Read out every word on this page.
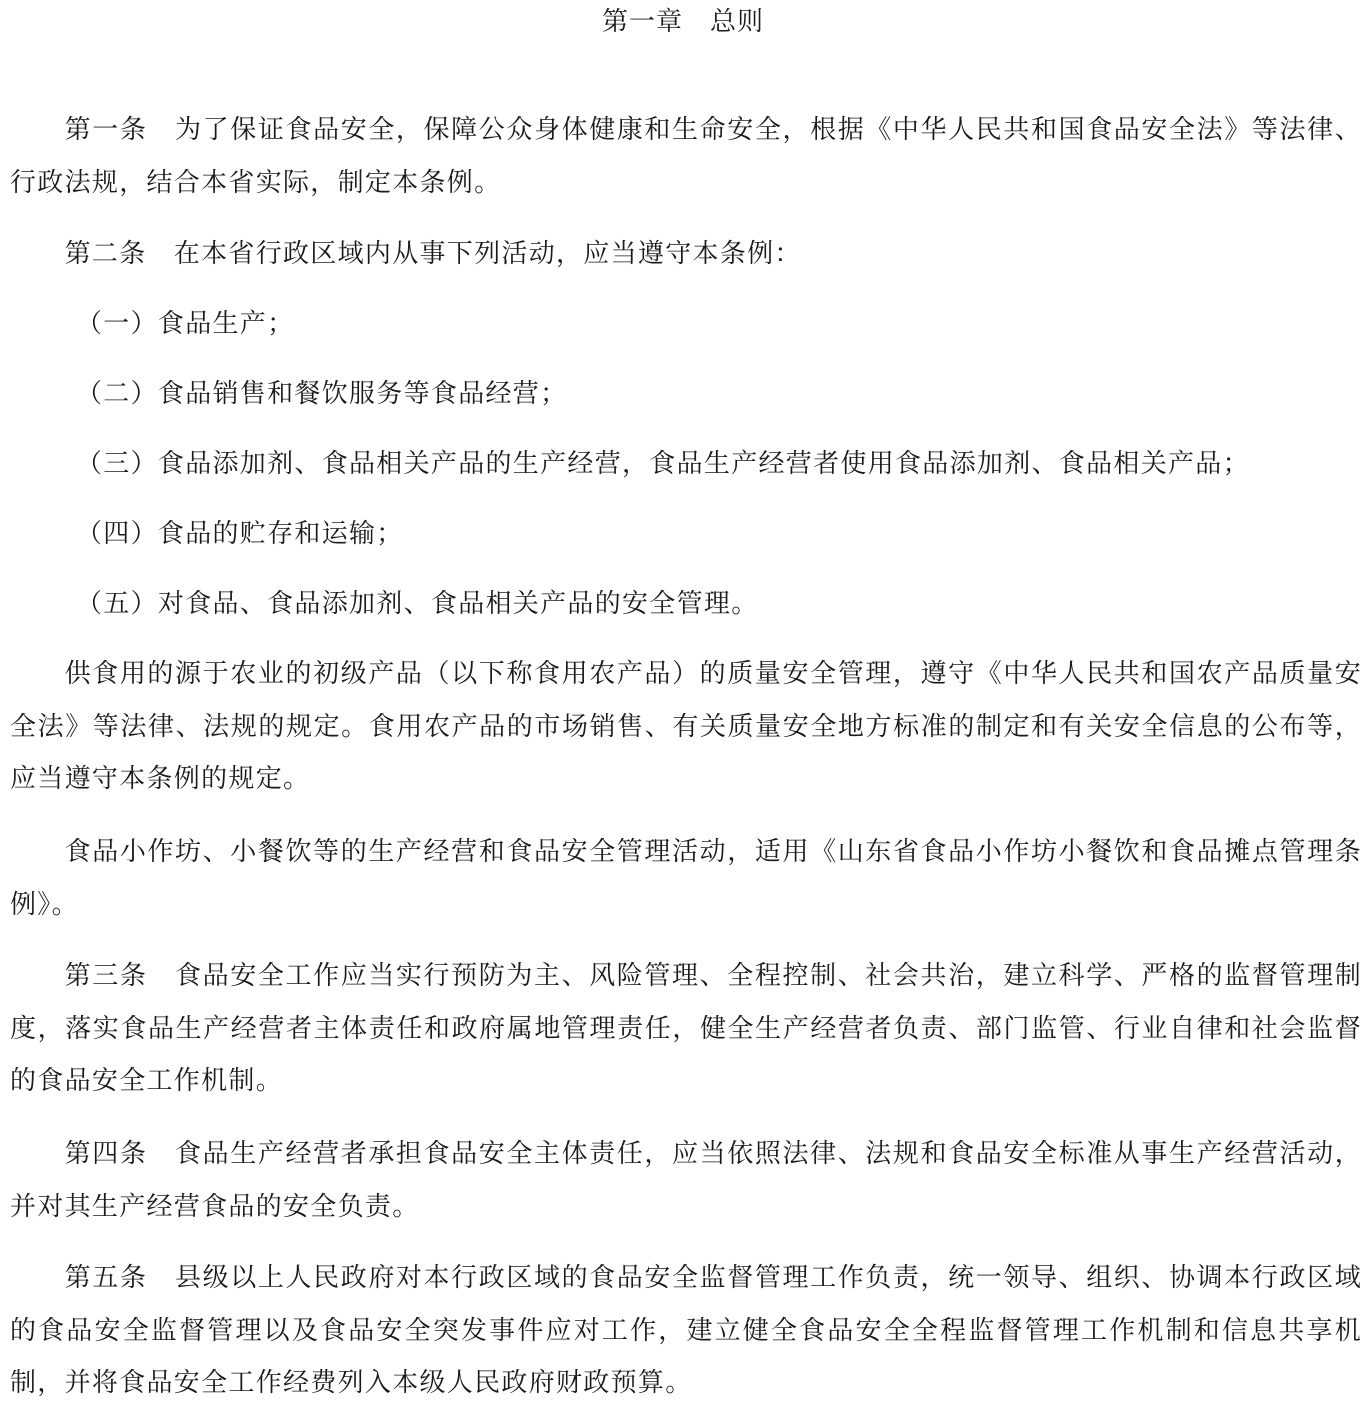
第一章　总则

第一条　为了保证食品安全，保障公众身体健康和生命安全，根据《中华人民共和国食品安全法》等法律、行政法规，结合本省实际，制定本条例。

第二条　在本省行政区域内从事下列活动，应当遵守本条例：

（一）食品生产；

（二）食品销售和餐饮服务等食品经营；

（三）食品添加剂、食品相关产品的生产经营，食品生产经营者使用食品添加剂、食品相关产品；

（四）食品的贮存和运输；

（五）对食品、食品添加剂、食品相关产品的安全管理。

供食用的源于农业的初级产品（以下称食用农产品）的质量安全管理，遵守《中华人民共和国农产品质量安全法》等法律、法规的规定。食用农产品的市场销售、有关质量安全地方标准的制定和有关安全信息的公布等，应当遵守本条例的规定。

食品小作坊、小餐饮等的生产经营和食品安全管理活动，适用《山东省食品小作坊小餐饮和食品摊点管理条例》。

第三条　食品安全工作应当实行预防为主、风险管理、全程控制、社会共治，建立科学、严格的监督管理制度，落实食品生产经营者主体责任和政府属地管理责任，健全生产经营者负责、部门监管、行业自律和社会监督的食品安全工作机制。

第四条　食品生产经营者承担食品安全主体责任，应当依照法律、法规和食品安全标准从事生产经营活动，并对其生产经营食品的安全负责。

第五条　县级以上人民政府对本行政区域的食品安全监督管理工作负责，统一领导、组织、协调本行政区域的食品安全监督管理以及食品安全突发事件应对工作，建立健全食品安全全程监督管理工作机制和信息共享机制，并将食品安全工作经费列入本级人民政府财政预算。
